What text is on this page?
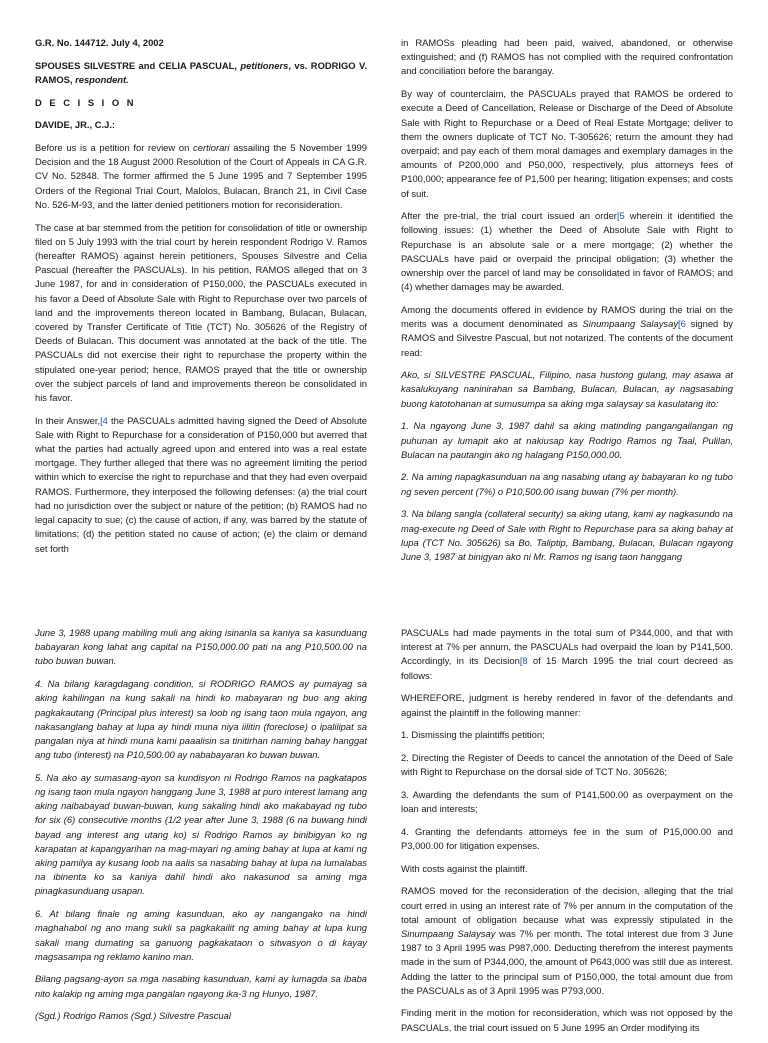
G.R. No. 144712. July 4, 2002

SPOUSES SILVESTRE and CELIA PASCUAL, petitioners, vs. RODRIGO V. RAMOS, respondent.

D E C I S I O N

DAVIDE, JR., C.J.:

Before us is a petition for review on certiorari assailing the 5 November 1999 Decision and the 18 August 2000 Resolution of the Court of Appeals in CA G.R. CV No. 52848. The former affirmed the 5 June 1995 and 7 September 1995 Orders of the Regional Trial Court, Malolos, Bulacan, Branch 21, in Civil Case No. 526-M-93, and the latter denied petitioners motion for reconsideration.

The case at bar stemmed from the petition for consolidation of title or ownership filed on 5 July 1993 with the trial court by herein respondent Rodrigo V. Ramos (hereafter RAMOS) against herein petitioners, Spouses Silvestre and Celia Pascual (hereafter the PASCUALs). In his petition, RAMOS alleged that on 3 June 1987, for and in consideration of P150,000, the PASCUALs executed in his favor a Deed of Absolute Sale with Right to Repurchase over two parcels of land and the improvements thereon located in Bambang, Bulacan, Bulacan, covered by Transfer Certificate of Title (TCT) No. 305626 of the Registry of Deeds of Bulacan. This document was annotated at the back of the title. The PASCUALs did not exercise their right to repurchase the property within the stipulated one-year period; hence, RAMOS prayed that the title or ownership over the subject parcels of land and improvements thereon be consolidated in his favor.

In their Answer,[4 the PASCUALs admitted having signed the Deed of Absolute Sale with Right to Repurchase for a consideration of P150,000 but averred that what the parties had actually agreed upon and entered into was a real estate mortgage. They further alleged that there was no agreement limiting the period within which to exercise the right to repurchase and that they had even overpaid RAMOS. Furthermore, they interposed the following defenses: (a) the trial court had no jurisdiction over the subject or nature of the petition; (b) RAMOS had no legal capacity to sue; (c) the cause of action, if any, was barred by the statute of limitations; (d) the petition stated no cause of action; (e) the claim or demand set forth

in RAMOSs pleading had been paid, waived, abandoned, or otherwise extinguished; and (f) RAMOS has not complied with the required confrontation and conciliation before the barangay.

By way of counterclaim, the PASCUALs prayed that RAMOS be ordered to execute a Deed of Cancellation, Release or Discharge of the Deed of Absolute Sale with Right to Repurchase or a Deed of Real Estate Mortgage; deliver to them the owners duplicate of TCT No. T-305626; return the amount they had overpaid; and pay each of them moral damages and exemplary damages in the amounts of P200,000 and P50,000, respectively, plus attorneys fees of P100,000; appearance fee of P1,500 per hearing; litigation expenses; and costs of suit.

After the pre-trial, the trial court issued an order[5 wherein it identified the following issues: (1) whether the Deed of Absolute Sale with Right to Repurchase is an absolute sale or a mere mortgage; (2) whether the PASCUALs have paid or overpaid the principal obligation; (3) whether the ownership over the parcel of land may be consolidated in favor of RAMOS; and (4) whether damages may be awarded.

Among the documents offered in evidence by RAMOS during the trial on the merits was a document denominated as Sinumpaang Salaysay[6 signed by RAMOS and Silvestre Pascual, but not notarized. The contents of the document read:

Ako, si SILVESTRE PASCUAL, Filipino, nasa hustong gulang, may asawa at kasalukuyang naninirahan sa Bambang, Bulacan, Bulacan, ay nagsasabing buong katotohanan at sumusumpa sa aking mga salaysay sa kasulatang ito:

1. Na ngayong June 3, 1987 dahil sa aking matinding pangangailangan ng puhunan ay lumapit ako at nakiusap kay Rodrigo Ramos ng Taal, Pulilan, Bulacan na pautangin ako ng halagang P150,000.00.

2. Na aming napagkasunduan na ang nasabing utang ay babayaran ko ng tubo ng seven percent (7%) o P10,500.00 isang buwan (7% per month).

3. Na bilang sangla (collateral security) sa aking utang, kami ay nagkasundo na mag-execute ng Deed of Sale with Right to Repurchase para sa aking bahay at lupa (TCT No. 305626) sa Bo. Taliptip, Bambang, Bulacan, Bulacan ngayong June 3, 1987 at binigyan ako ni Mr. Ramos ng isang taon hanggang

June 3, 1988 upang mabiling muli ang aking isinanla sa kaniya sa kasunduang babayaran kong lahat ang capital na P150,000.00 pati na ang P10,500.00 na tubo buwan buwan.

4. Na bilang karagdagang condition, si RODRIGO RAMOS ay pumayag sa aking kahilingan na kung sakali na hindi ko mabayaran ng buo ang aking pagkakautang (Principal plus interest) sa loob ng isang taon mula ngayon, ang nakasanglang bahay at lupa ay hindi muna niya iilitin (foreclose) o ipalilipat sa pangalan niya at hindi muna kami paaalisin sa tinitirhan naming bahay hanggat ang tubo (interest) na P10,500.00 ay nababayaran ko buwan buwan.

5. Na ako ay sumasang-ayon sa kundisyon ni Rodrigo Ramos na pagkatapos ng isang taon mula ngayon hanggang June 3, 1988 at puro interest lamang ang aking naibabayad buwan-buwan, kung sakaling hindi ako makabayad ng tubo for six (6) consecutive months (1/2 year after June 3, 1988 (6 na buwang hindi bayad ang interest ang utang ko) si Rodrigo Ramos ay binibigyan ko ng karapatan at kapangyarihan na mag-mayari ng aming bahay at lupa at kami ng aking pamilya ay kusang loob na aalis sa nasabing bahay at lupa na lumalabas na ibinenta ko sa kaniya dahil hindi ako nakasunod sa aming mga pinagkasunduang usapan.

6. At bilang finale ng aming kasunduan, ako ay nangangako na hindi maghahabol ng ano mang sukli sa pagkakailit ng aming bahay at lupa kung sakali mang dumating sa ganuong pagkakataon o sitwasyon o di kayay magsasampa ng reklamo kanino man.

Bilang pagsang-ayon sa mga nasabing kasunduan, kami ay lumagda sa ibaba nito kalakip ng aming mga pangalan ngayong ika-3 ng Hunyo, 1987.

(Sgd.) Rodrigo Ramos (Sgd.) Silvestre Pascual

PASCUALs had made payments in the total sum of P344,000, and that with interest at 7% per annum, the PASCUALs had overpaid the loan by P141,500. Accordingly, in its Decision[8 of 15 March 1995 the trial court decreed as follows:

WHEREFORE, judgment is hereby rendered in favor of the defendants and against the plaintiff in the following manner:

1. Dismissing the plaintiffs petition;

2. Directing the Register of Deeds to cancel the annotation of the Deed of Sale with Right to Repurchase on the dorsal side of TCT No. 305626;

3. Awarding the defendants the sum of P141,500.00 as overpayment on the loan and interests;

4. Granting the defendants attorneys fee in the sum of P15,000.00 and P3,000.00 for litigation expenses.

With costs against the plaintiff.

RAMOS moved for the reconsideration of the decision, alleging that the trial court erred in using an interest rate of 7% per annum in the computation of the total amount of obligation because what was expressly stipulated in the Sinumpaang Salaysay was 7% per month. The total interest due from 3 June 1987 to 3 April 1995 was P987,000. Deducting therefrom the interest payments made in the sum of P344,000, the amount of P643,000 was still due as interest. Adding the latter to the principal sum of P150,000, the total amount due from the PASCUALs as of 3 April 1995 was P793,000.

Finding merit in the motion for reconsideration, which was not opposed by the PASCUALs, the trial court issued on 5 June 1995 an Order modifying its
